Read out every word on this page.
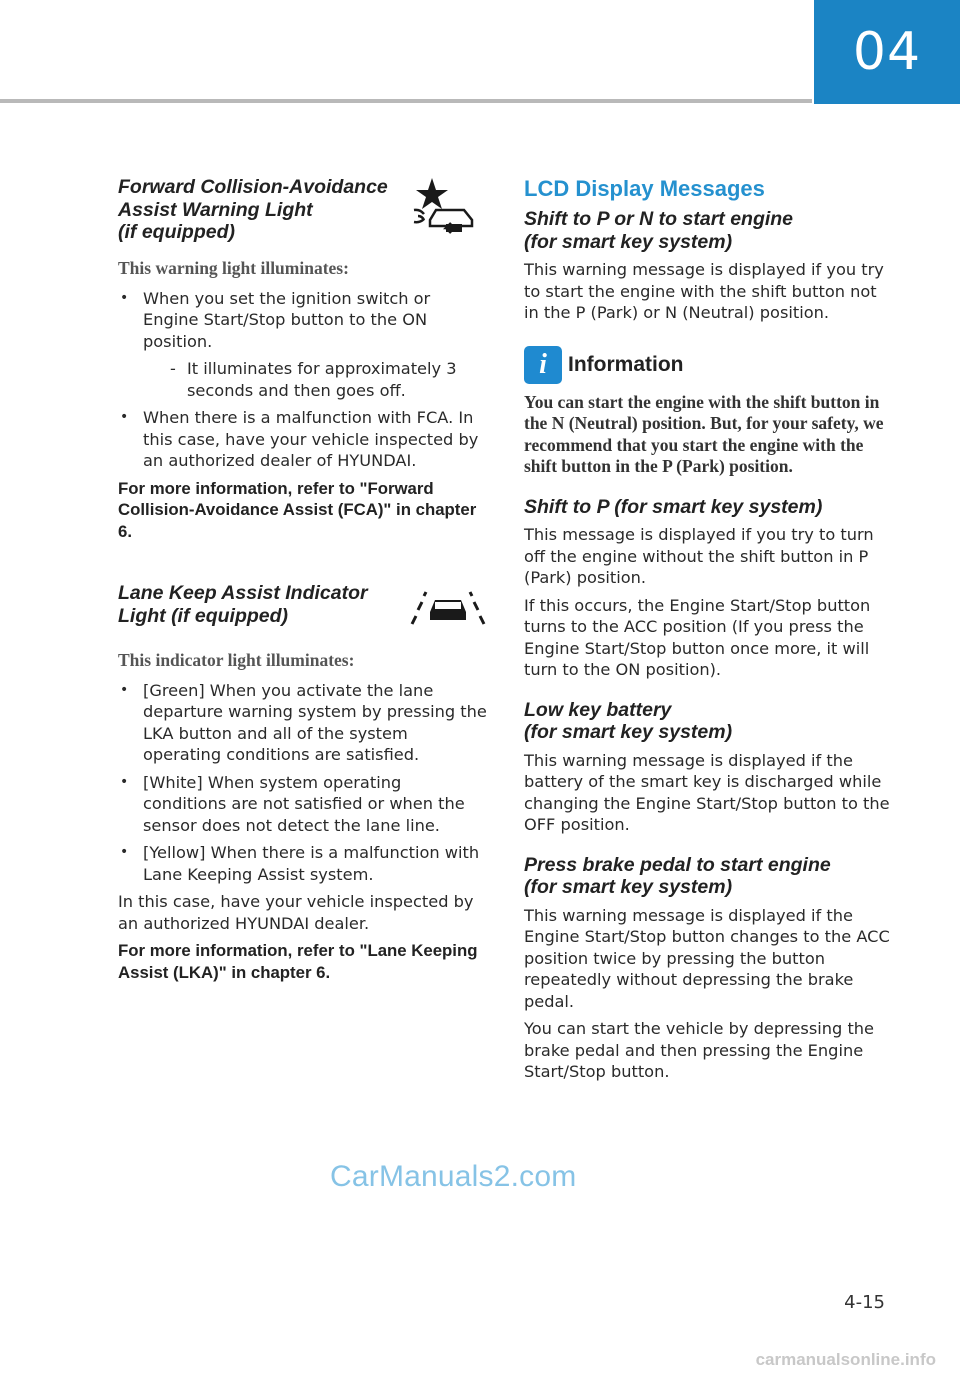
04
Forward Collision-Avoidance
Assist Warning Light
(if equipped)
This warning light illuminates:
• When you set the ignition switch or Engine Start/Stop button to the ON position.
- It illuminates for approximately 3 seconds and then goes off.
• When there is a malfunction with FCA. In this case, have your vehicle inspected by an authorized dealer of HYUNDAI.

For more information, refer to "Forward Collision-Avoidance Assist (FCA)" in chapter 6.

Lane Keep Assist Indicator
Light (if equipped)
This indicator light illuminates:
• [Green] When you activate the lane departure warning system by pressing the LKA button and all of the system operating conditions are satisfied.
• [White] When system operating conditions are not satisfied or when the sensor does not detect the lane line.
• [Yellow] When there is a malfunction with Lane Keeping Assist system.

In this case, have your vehicle inspected by an authorized HYUNDAI dealer.

For more information, refer to "Lane Keeping Assist (LKA)" in chapter 6.

LCD Display Messages
Shift to P or N to start engine
(for smart key system)

This warning message is displayed if you try to start the engine with the shift button not in the P (Park) or N (Neutral) position.

i	Information

You can start the engine with the shift button in the N (Neutral) position. But, for your safety, we recommend that you start the engine with the shift button in the P (Park) position.

Shift to P (for smart key system)

This message is displayed if you try to turn off the engine without the shift button in P (Park) position.

If this occurs, the Engine Start/Stop button turns to the ACC position (If you press the Engine Start/Stop button once more, it will turn to the ON position).

Low key battery
(for smart key system)

This warning message is displayed if the battery of the smart key is discharged while changing the Engine Start/Stop button to the OFF position.

Press brake pedal to start engine
(for smart key system)

This warning message is displayed if the Engine Start/Stop button changes to the ACC position twice by pressing the button repeatedly without depressing the brake pedal.

You can start the vehicle by depressing the brake pedal and then pressing the Engine Start/Stop button.

CarManuals2.com
4-15
carmanualsonline.info
